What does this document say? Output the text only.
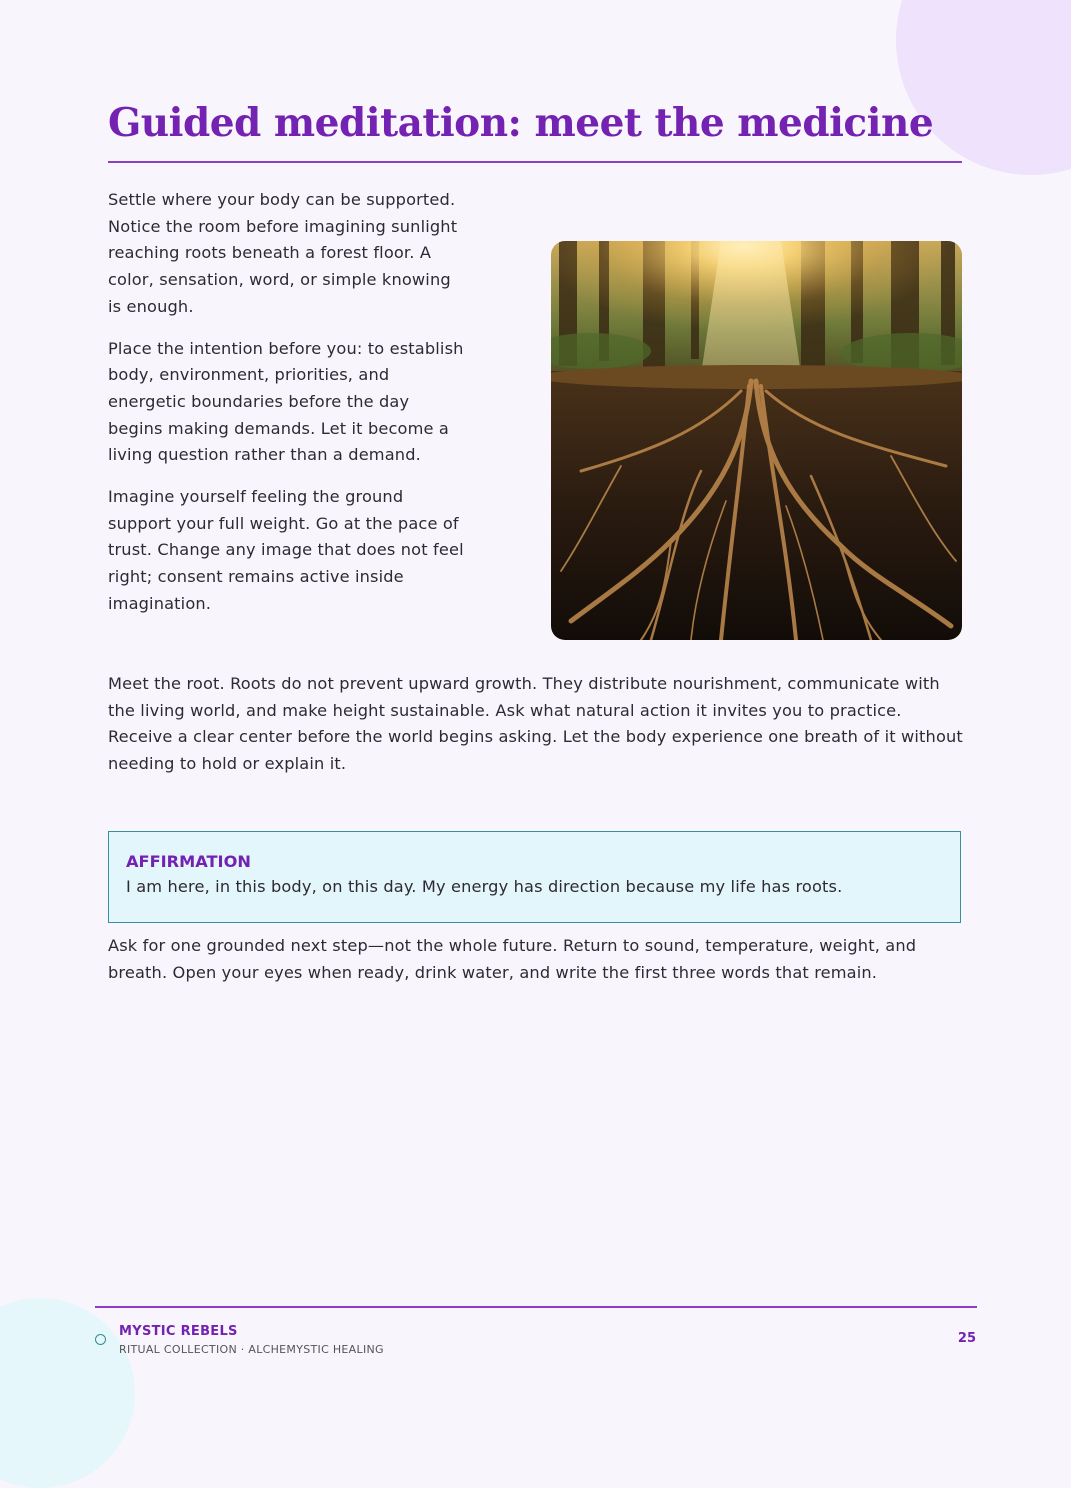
Guided meditation: meet the medicine

Settle where your body can be supported. Notice the room before imagining sunlight reaching roots beneath a forest floor. A color, sensation, word, or simple knowing is enough.

Place the intention before you: to establish body, environment, priorities, and energetic boundaries before the day begins making demands. Let it become a living question rather than a demand.

Imagine yourself feeling the ground support your full weight. Go at the pace of trust. Change any image that does not feel right; consent remains active inside imagination.

Meet the root. Roots do not prevent upward growth. They distribute nourishment, communicate with the living world, and make height sustainable. Ask what natural action it invites you to practice.

Receive a clear center before the world begins asking. Let the body experience one breath of it without needing to hold or explain it.

AFFIRMATION
I am here, in this body, on this day. My energy has direction because my life has roots.

Ask for one grounded next step—not the whole future. Return to sound, temperature, weight, and breath. Open your eyes when ready, drink water, and write the first three words that remain.

MYSTIC REBELS
RITUAL COLLECTION · ALCHEMYSTIC HEALING
25
